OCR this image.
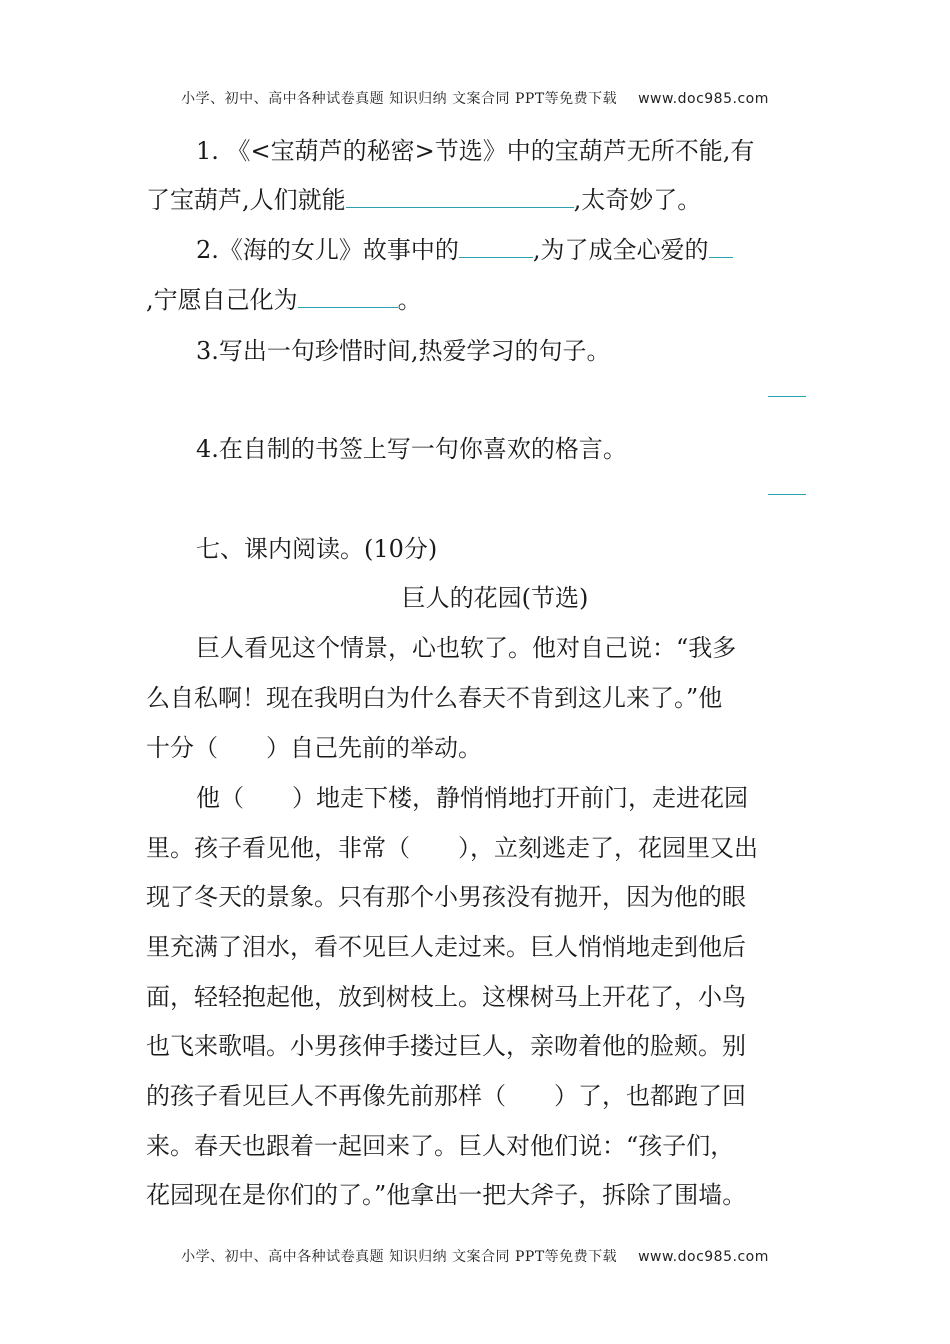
小学、初中、高中各种试卷真题 知识归纳 文案合同 PPT等免费下载 www.doc985.com
1. 《<宝葫芦的秘密>节选》中的宝葫芦无所不能,有
了宝葫芦,人们就能	,太奇妙了。
2.《海的女儿》故事中的	,为了成全心爱的
,宁愿自己化为	。
3.写出一句珍惜时间,热爱学习的句子。
4.在自制的书签上写一句你喜欢的格言。
七、课内阅读。(10分)
巨人的花园(节选)
巨人看见这个情景，心也软了。他对自己说：“我多
么自私啊！现在我明白为什么春天不肯到这儿来了。”他
十分（　　）自己先前的举动。
他（　　）地走下楼，静悄悄地打开前门，走进花园
里。孩子看见他，非常（　　），立刻逃走了，花园里又出
现了冬天的景象。只有那个小男孩没有抛开，因为他的眼
里充满了泪水，看不见巨人走过来。巨人悄悄地走到他后
面，轻轻抱起他，放到树枝上。这棵树马上开花了，小鸟
也飞来歌唱。小男孩伸手搂过巨人，亲吻着他的脸颊。别
的孩子看见巨人不再像先前那样（　　）了，也都跑了回
来。春天也跟着一起回来了。巨人对他们说：“孩子们，
花园现在是你们的了。”他拿出一把大斧子，拆除了围墙。
小学、初中、高中各种试卷真题 知识归纳 文案合同 PPT等免费下载 www.doc985.com
